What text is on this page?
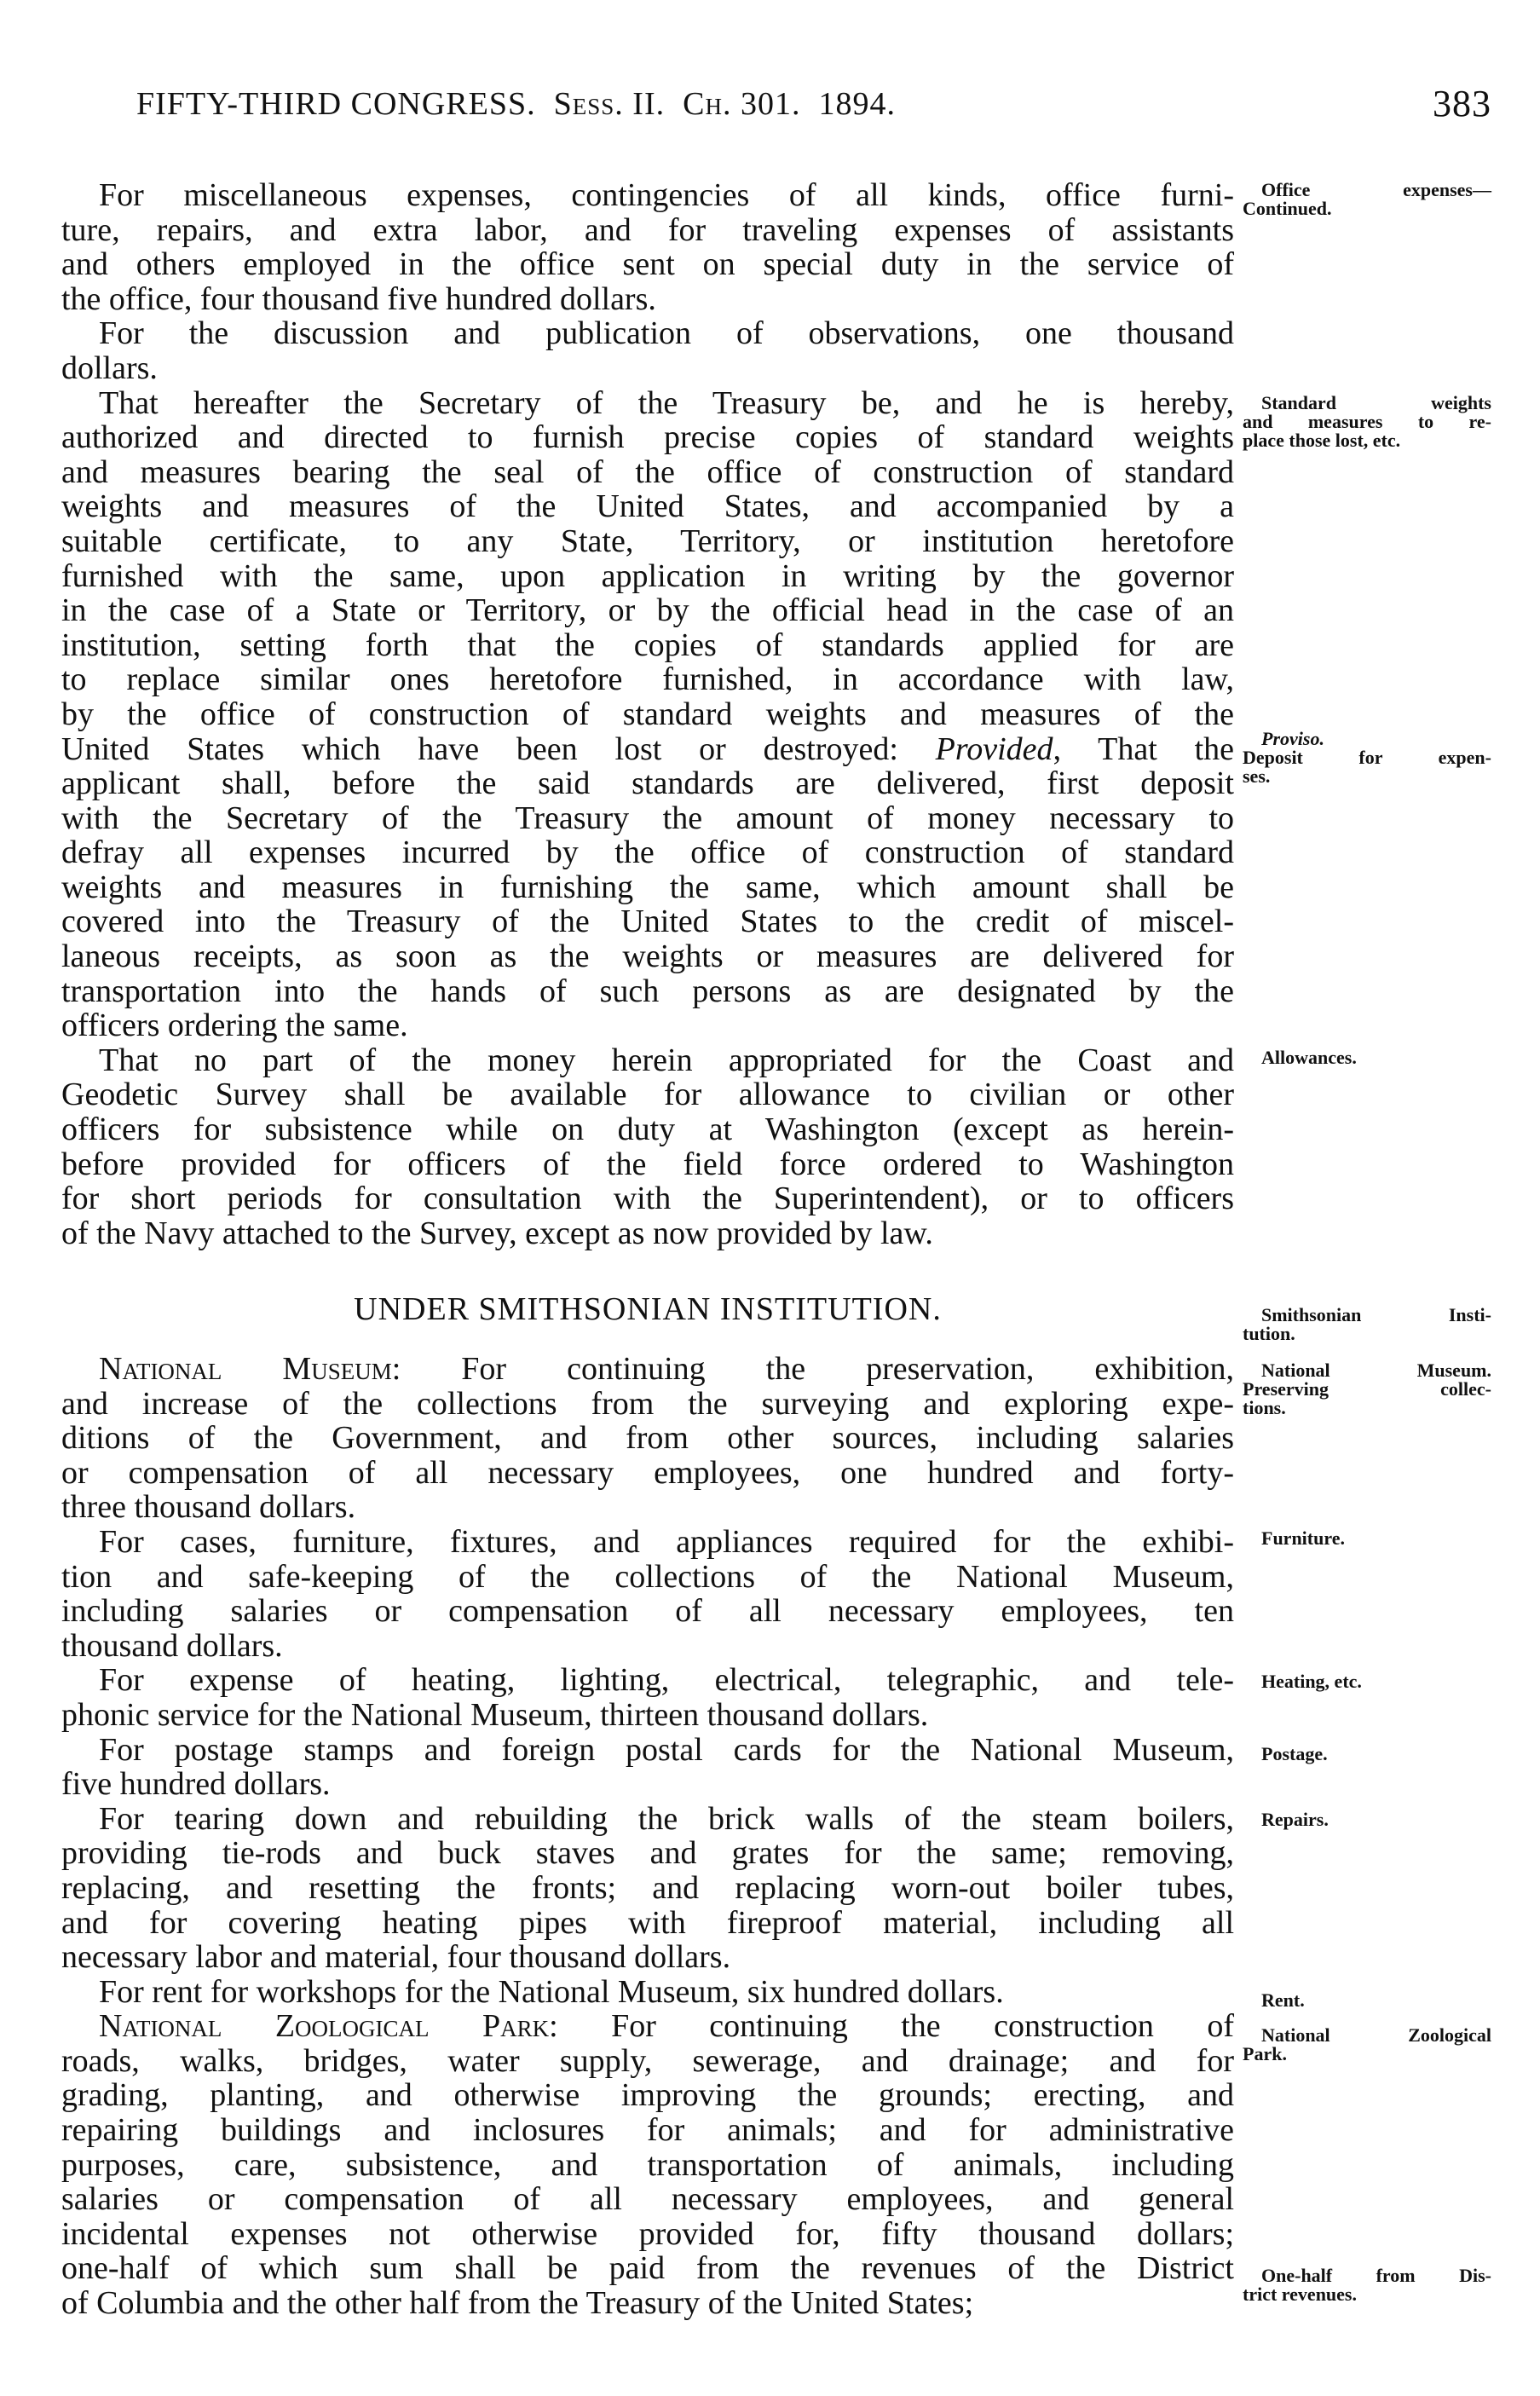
FIFTY-THIRD CONGRESS. Sess. II. Ch. 301. 1894.	383
For miscellaneous expenses, contingencies of all kinds, office furni-
ture, repairs, and extra labor, and for traveling expenses of assistants
and others employed in the office sent on special duty in the service of
the office, four thousand five hundred dollars.
For the discussion and publication of observations, one thousand
dollars.
That hereafter the Secretary of the Treasury be, and he is hereby,
authorized and directed to furnish precise copies of standard weights
and measures bearing the seal of the office of construction of standard
weights and measures of the United States, and accompanied by a
suitable certificate, to any State, Territory, or institution heretofore
furnished with the same, upon application in writing by the governor
in the case of a State or Territory, or by the official head in the case of an
institution, setting forth that the copies of standards applied for are
to replace similar ones heretofore furnished, in accordance with law,
by the office of construction of standard weights and measures of the
United States which have been lost or destroyed: Provided, That the
applicant shall, before the said standards are delivered, first deposit
with the Secretary of the Treasury the amount of money necessary to
defray all expenses incurred by the office of construction of standard
weights and measures in furnishing the same, which amount shall be
covered into the Treasury of the United States to the credit of miscel-
laneous receipts, as soon as the weights or measures are delivered for
transportation into the hands of such persons as are designated by the
officers ordering the same.
That no part of the money herein appropriated for the Coast and
Geodetic Survey shall be available for allowance to civilian or other
officers for subsistence while on duty at Washington (except as herein-
before provided for officers of the field force ordered to Washington
for short periods for consultation with the Superintendent), or to officers
of the Navy attached to the Survey, except as now provided by law.
UNDER SMITHSONIAN INSTITUTION.
National Museum: For continuing the preservation, exhibition,
and increase of the collections from the surveying and exploring expe-
ditions of the Government, and from other sources, including salaries
or compensation of all necessary employees, one hundred and forty-
three thousand dollars.
For cases, furniture, fixtures, and appliances required for the exhibi-
tion and safe-keeping of the collections of the National Museum,
including salaries or compensation of all necessary employees, ten
thousand dollars.
For expense of heating, lighting, electrical, telegraphic, and tele-
phonic service for the National Museum, thirteen thousand dollars.
For postage stamps and foreign postal cards for the National Museum,
five hundred dollars.
For tearing down and rebuilding the brick walls of the steam boilers,
providing tie-rods and buck staves and grates for the same; removing,
replacing, and resetting the fronts; and replacing worn-out boiler tubes,
and for covering heating pipes with fireproof material, including all
necessary labor and material, four thousand dollars.
For rent for workshops for the National Museum, six hundred dollars.
National Zoological Park: For continuing the construction of
roads, walks, bridges, water supply, sewerage, and drainage; and for
grading, planting, and otherwise improving the grounds; erecting, and
repairing buildings and inclosures for animals; and for administrative
purposes, care, subsistence, and transportation of animals, including
salaries or compensation of all necessary employees, and general
incidental expenses not otherwise provided for, fifty thousand dollars;
one-half of which sum shall be paid from the revenues of the District
of Columbia and the other half from the Treasury of the United States;
Office expenses—
Continued.
Standard weights
and measures to re-
place those lost, etc.
Proviso.
Deposit for expen-
ses.
Allowances.
Smithsonian Insti-
tution.
National Museum.
Preserving collec-
tions.
Furniture.
Heating, etc.
Postage.
Repairs.
Rent.
National Zoological
Park.
One-half from Dis-
trict revenues.
